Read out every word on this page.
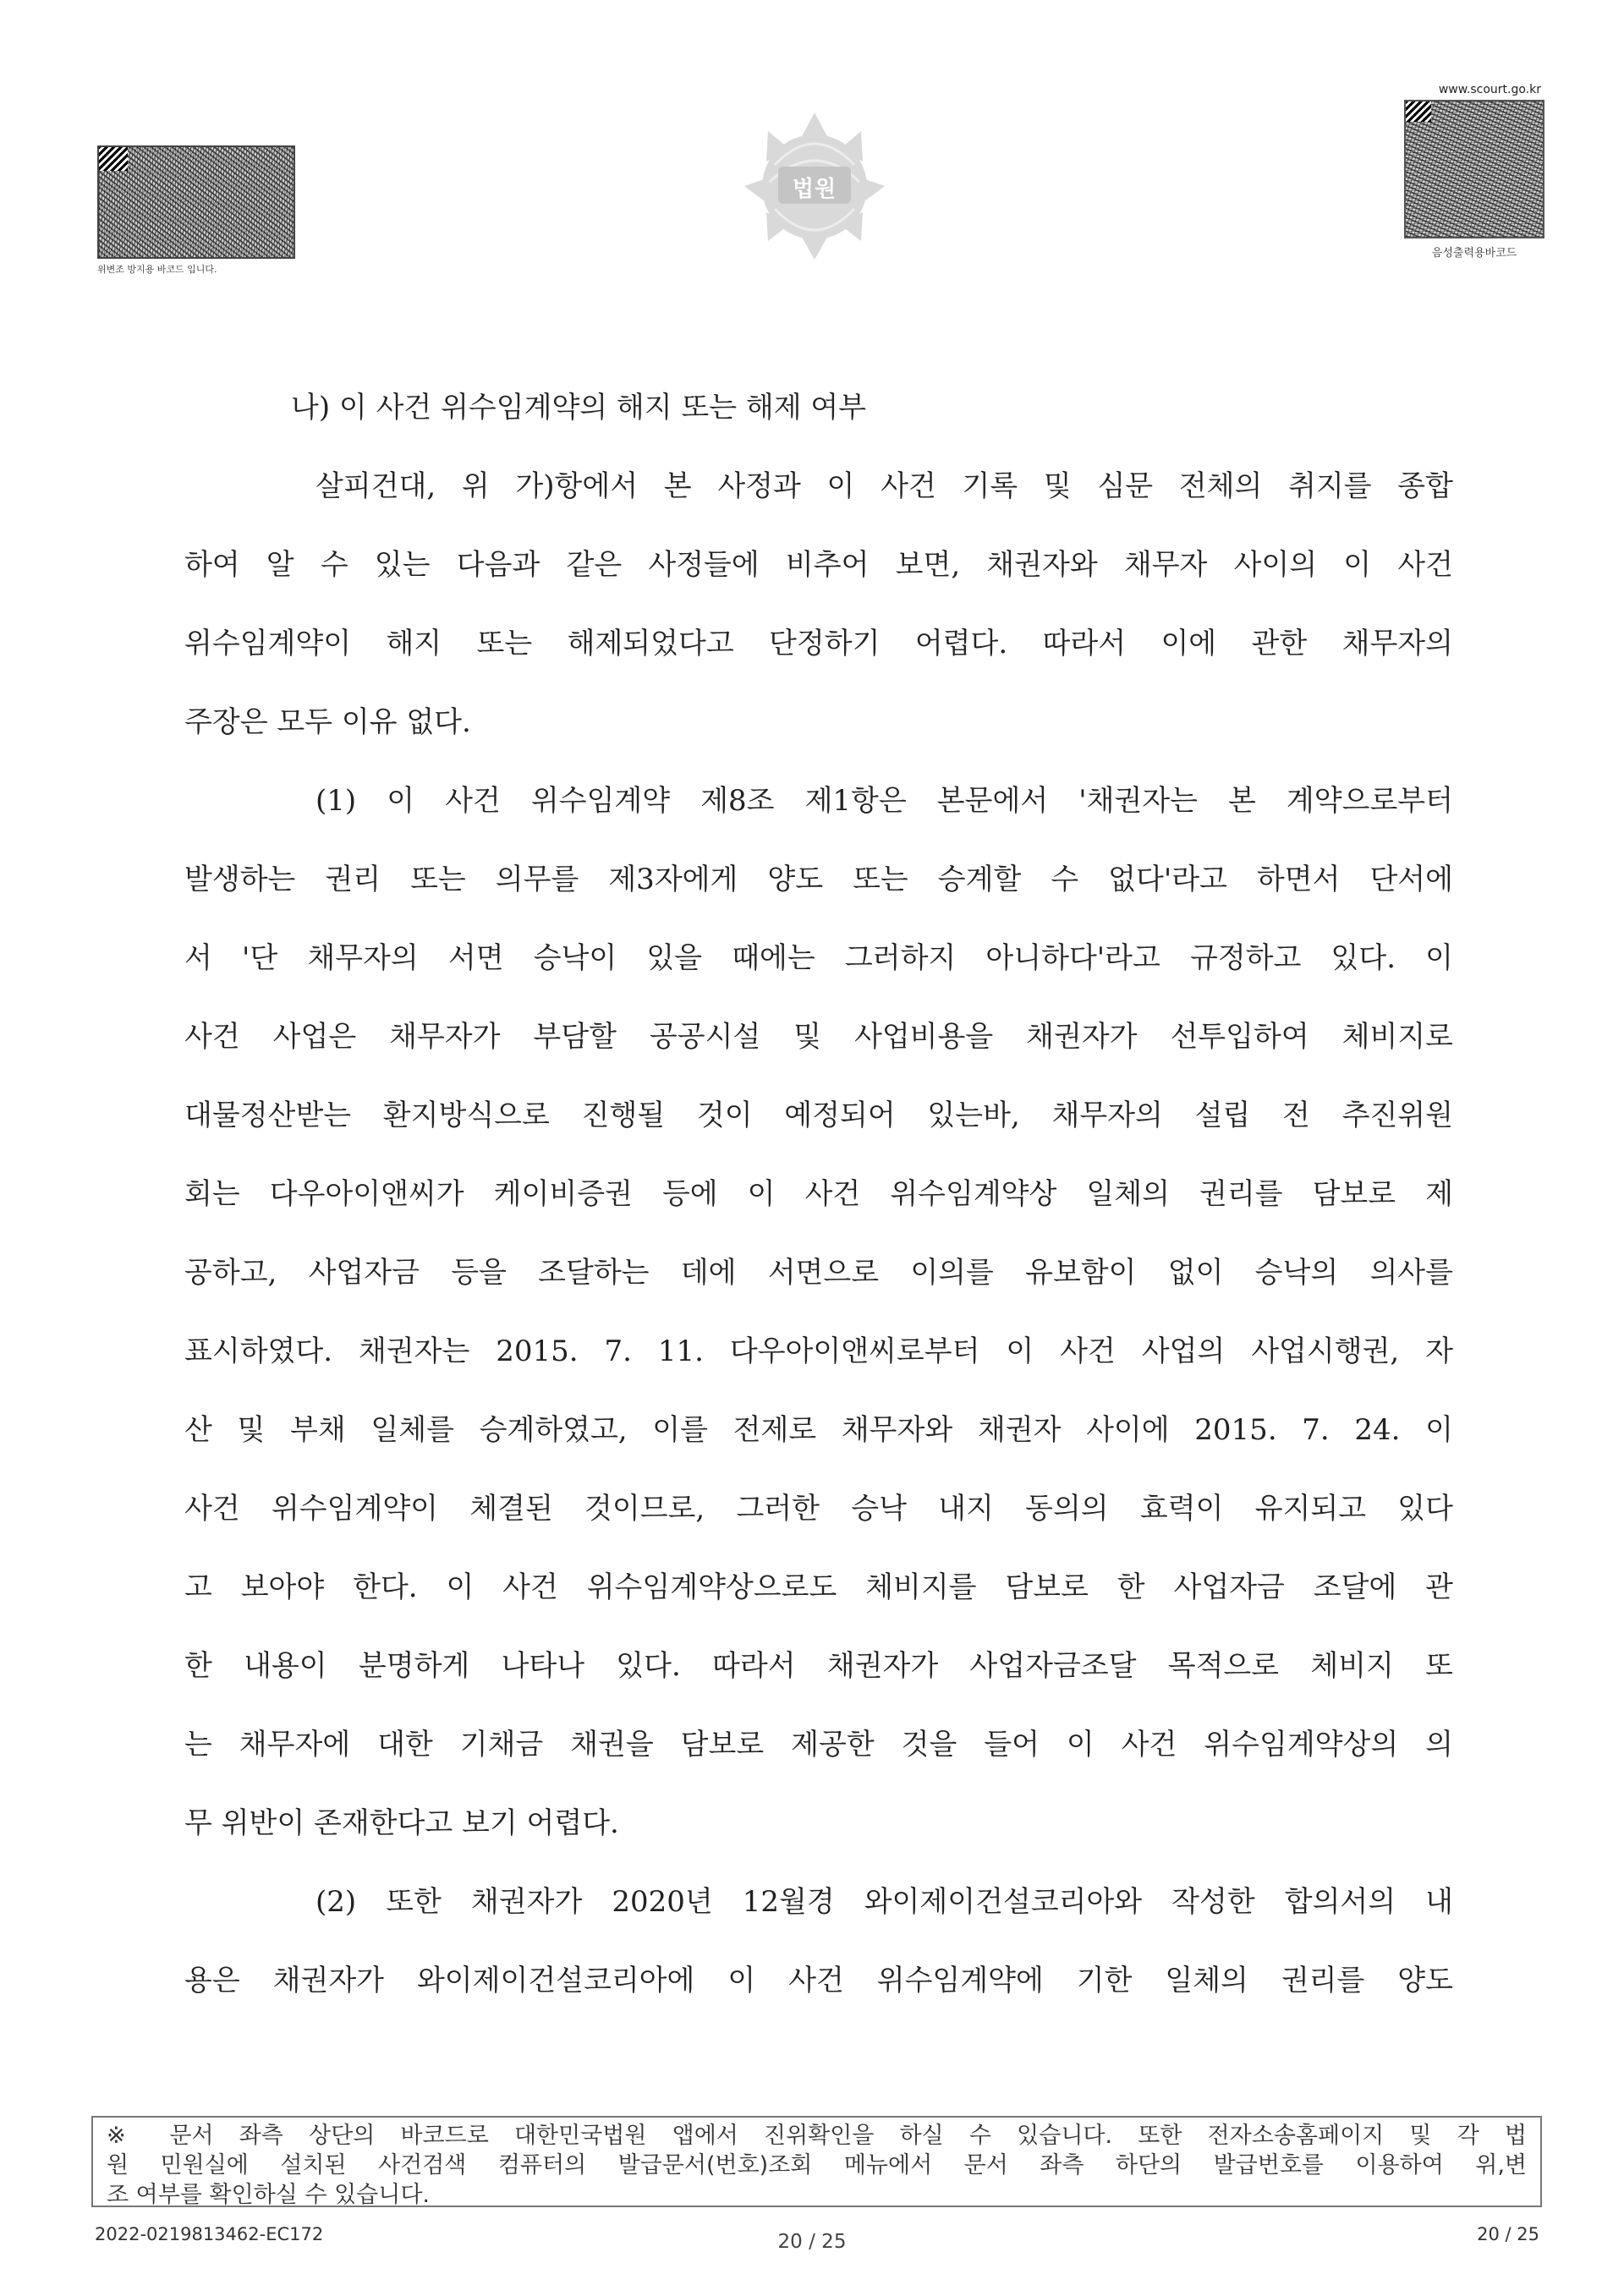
위변조 방지용 바코드 입니다.
www.scourt.go.kr
음성출력용바코드
법원
나) 이 사건 위수임계약의 해지 또는 해제 여부
살피건대, 위 가)항에서 본 사정과 이 사건 기록 및 심문 전체의 취지를 종합
하여 알 수 있는 다음과 같은 사정들에 비추어 보면, 채권자와 채무자 사이의 이 사건
위수임계약이 해지 또는 해제되었다고 단정하기 어렵다. 따라서 이에 관한 채무자의
주장은 모두 이유 없다.
(1) 이 사건 위수임계약 제8조 제1항은 본문에서 '채권자는 본 계약으로부터
발생하는 권리 또는 의무를 제3자에게 양도 또는 승계할 수 없다'라고 하면서 단서에
서 '단 채무자의 서면 승낙이 있을 때에는 그러하지 아니하다'라고 규정하고 있다. 이
사건 사업은 채무자가 부담할 공공시설 및 사업비용을 채권자가 선투입하여 체비지로
대물정산받는 환지방식으로 진행될 것이 예정되어 있는바, 채무자의 설립 전 추진위원
회는 다우아이앤씨가 케이비증권 등에 이 사건 위수임계약상 일체의 권리를 담보로 제
공하고, 사업자금 등을 조달하는 데에 서면으로 이의를 유보함이 없이 승낙의 의사를
표시하였다. 채권자는 2015. 7. 11. 다우아이앤씨로부터 이 사건 사업의 사업시행권, 자
산 및 부채 일체를 승계하였고, 이를 전제로 채무자와 채권자 사이에 2015. 7. 24. 이
사건 위수임계약이 체결된 것이므로, 그러한 승낙 내지 동의의 효력이 유지되고 있다
고 보아야 한다. 이 사건 위수임계약상으로도 체비지를 담보로 한 사업자금 조달에 관
한 내용이 분명하게 나타나 있다. 따라서 채권자가 사업자금조달 목적으로 체비지 또
는 채무자에 대한 기채금 채권을 담보로 제공한 것을 들어 이 사건 위수임계약상의 의
무 위반이 존재한다고 보기 어렵다.
(2) 또한 채권자가 2020년 12월경 와이제이건설코리아와 작성한 합의서의 내
용은 채권자가 와이제이건설코리아에 이 사건 위수임계약에 기한 일체의 권리를 양도
※ 문서 좌측 상단의 바코드로 대한민국법원 앱에서 진위확인을 하실 수 있습니다. 또한 전자소송홈페이지 및 각 법
원 민원실에 설치된 사건검색 컴퓨터의 발급문서(번호)조회 메뉴에서 문서 좌측 하단의 발급번호를 이용하여 위,변
조 여부를 확인하실 수 있습니다.
2022-0219813462-EC172	20 / 25	20 / 25
